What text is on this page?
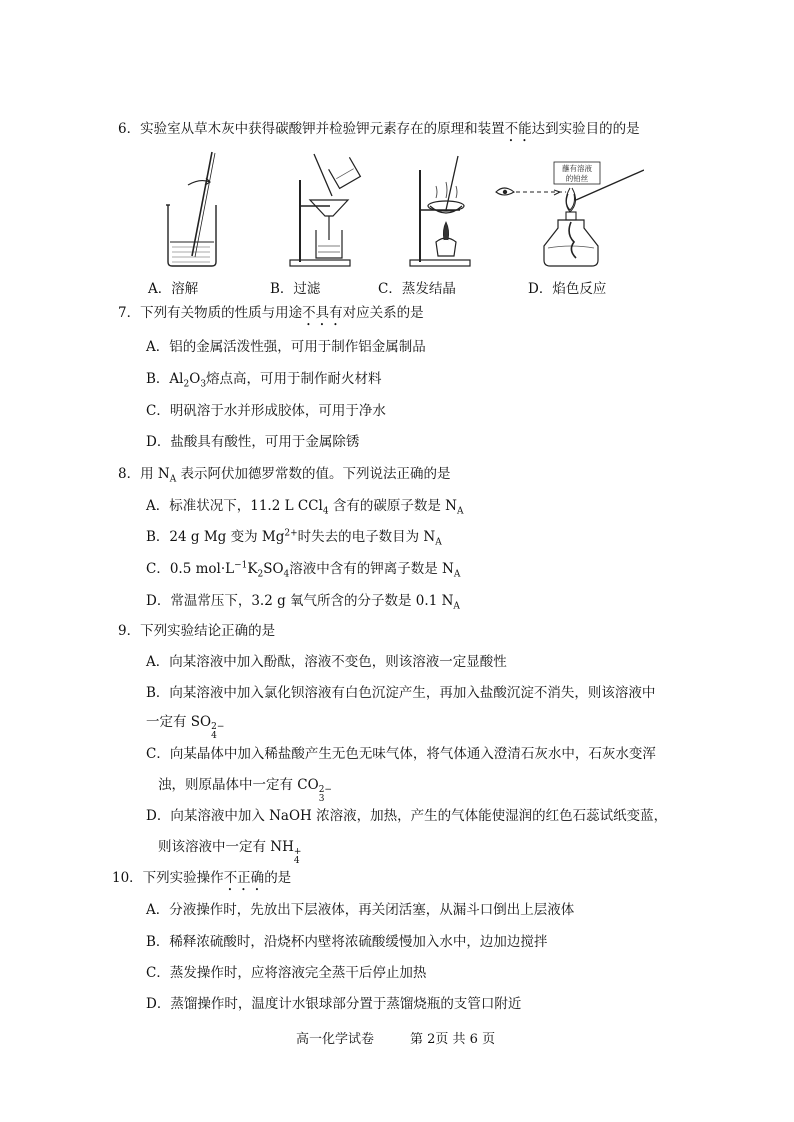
6．实验室从草木灰中获得碳酸钾并检验钾元素存在的原理和装置不能达到实验目的的是
蘸有溶液
的铂丝
A．溶解	B．过滤	C．蒸发结晶	D．焰色反应
7．下列有关物质的性质与用途不具有对应关系的是
A．铝的金属活泼性强，可用于制作铝金属制品
B．$Al_2O_3$熔点高，可用于制作耐火材料
C．明矾溶于水并形成胶体，可用于净水
D．盐酸具有酸性，可用于金属除锈
8．用 $N_A$ 表示阿伏加德罗常数的值。下列说法正确的是
A．标准状况下，11.2 L CCl$_4$ 含有的碳原子数是 $N_A$
B．24 g Mg 变为 $Mg^{2+}$时失去的电子数目为 $N_A$
C．0.5 $mol\cdot L^{-1}K_2SO_4$溶液中含有的钾离子数是 $N_A$
D．常温常压下，3.2 g 氧气所含的分子数是 0.1 $N_A$
9．下列实验结论正确的是
A．向某溶液中加入酚酞，溶液不变色，则该溶液一定显酸性
B．向某溶液中加入氯化钡溶液有白色沉淀产生，再加入盐酸沉淀不消失，则该溶液中
一定有 SO 2−
4
C．向某晶体中加入稀盐酸产生无色无味气体，将气体通入澄清石灰水中，石灰水变浑
浊，则原晶体中一定有 CO 2−
3
D．向某溶液中加入 NaOH 浓溶液，加热，产生的气体能使湿润的红色石蕊试纸变蓝，
则该溶液中一定有 NH +
4
10．下列实验操作不正确的是
A．分液操作时，先放出下层液体，再关闭活塞，从漏斗口倒出上层液体
B．稀释浓硫酸时，沿烧杯内壁将浓硫酸缓慢加入水中，边加边搅拌
C．蒸发操作时，应将溶液完全蒸干后停止加热
D．蒸馏操作时，温度计水银球部分置于蒸馏烧瓶的支管口附近
高一化学试卷	第 2页 共 6 页
